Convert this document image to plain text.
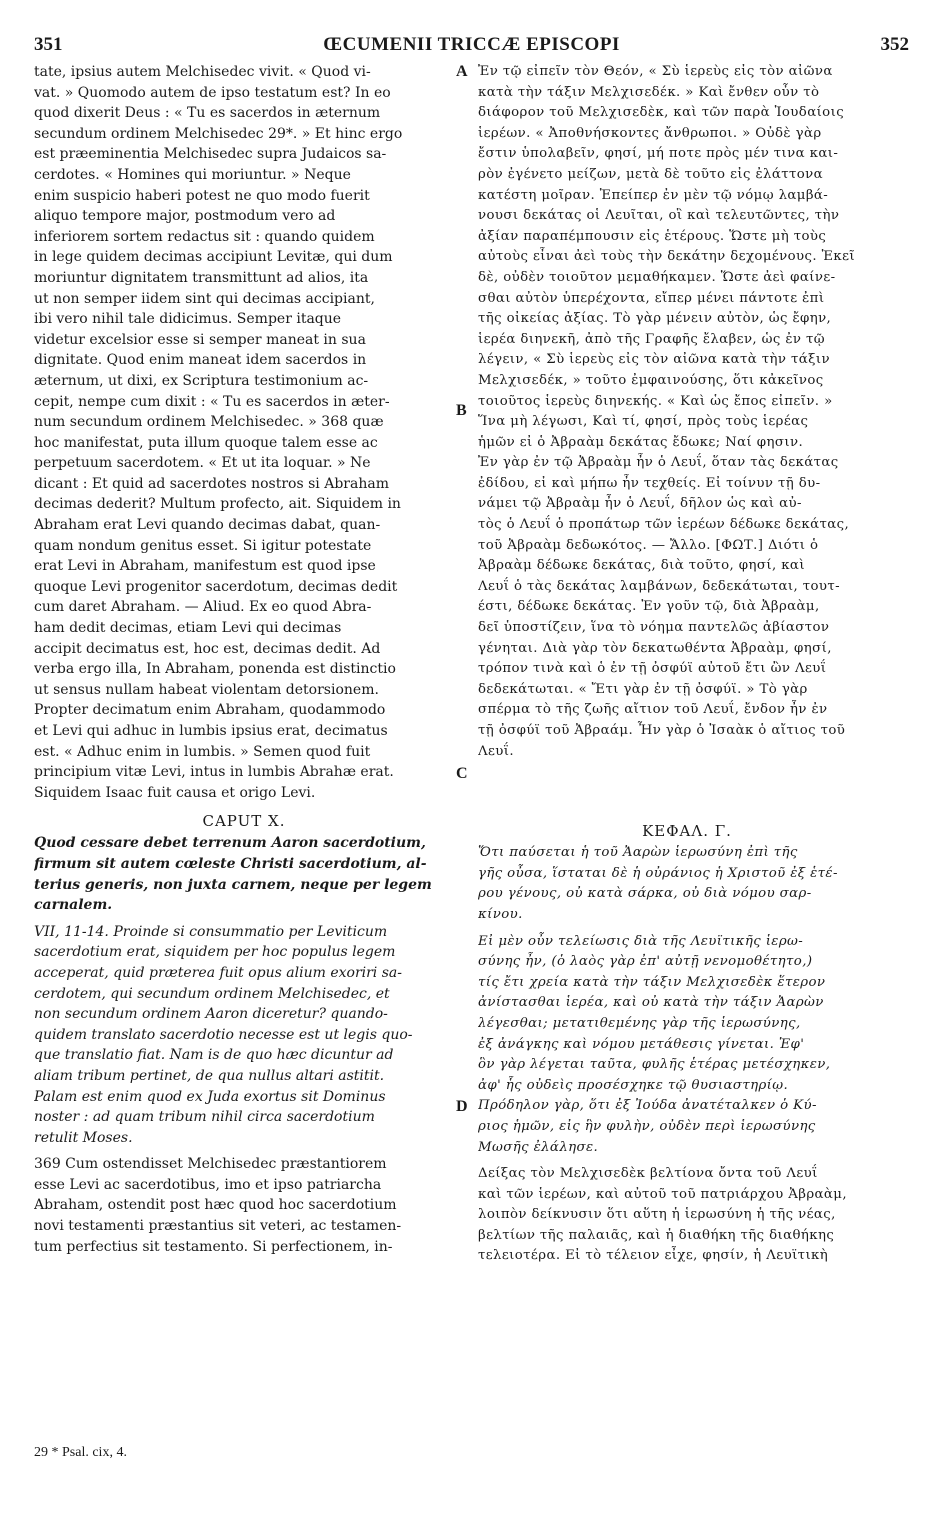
351	ŒCUMENII TRICCÆ EPISCOPI	352
A
B
C
D
tate, ipsius autem Melchisedec vivit. « Quod vi-
vat. » Quomodo autem de ipso testatum est? In eo
quod dixerit Deus : « Tu es sacerdos in æternum
secundum ordinem Melchisedec 29*. » Et hinc ergo
est præeminentia Melchisedec supra Judaicos sa-
cerdotes. « Homines qui moriuntur. » Neque
enim suspicio haberi potest ne quo modo fuerit
aliquo tempore major, postmodum vero ad
inferiorem sortem redactus sit : quando quidem
in lege quidem decimas accipiunt Levitæ, qui dum
moriuntur dignitatem transmittunt ad alios, ita
ut non semper iidem sint qui decimas accipiant,
ibi vero nihil tale didicimus. Semper itaque
videtur excelsior esse si semper maneat in sua
dignitate. Quod enim maneat idem sacerdos in
æternum, ut dixi, ex Scriptura testimonium ac-
cepit, nempe cum dixit : « Tu es sacerdos in æter-
num secundum ordinem Melchisedec. » 368 quæ
hoc manifestat, puta illum quoque talem esse ac
perpetuum sacerdotem. « Et ut ita loquar. » Ne
dicant : Et quid ad sacerdotes nostros si Abraham
decimas dederit? Multum profecto, ait. Siquidem in
Abraham erat Levi quando decimas dabat, quan-
quam nondum genitus esset. Si igitur potestate
erat Levi in Abraham, manifestum est quod ipse
quoque Levi progenitor sacerdotum, decimas dedit
cum daret Abraham. — Aliud. Ex eo quod Abra-
ham dedit decimas, etiam Levi qui decimas
accipit decimatus est, hoc est, decimas dedit. Ad
verba ergo illa, In Abraham, ponenda est distinctio
ut sensus nullam habeat violentam detorsionem.
Propter decimatum enim Abraham, quodammodo
et Levi qui adhuc in lumbis ipsius erat, decimatus
est. « Adhuc enim in lumbis. » Semen quod fuit
principium vitæ Levi, intus in lumbis Abrahæ erat.
Siquidem Isaac fuit causa et origo Levi.
CAPUT X.
Quod cessare debet terrenum Aaron sacerdotium,
firmum sit autem cœleste Christi sacerdotium, al-
terius generis, non juxta carnem, neque per legem
carnalem.
VII, 11-14. Proinde si consummatio per Leviticum
sacerdotium erat, siquidem per hoc populus legem
acceperat, quid præterea fuit opus alium exoriri sa-
cerdotem, qui secundum ordinem Melchisedec, et
non secundum ordinem Aaron diceretur? quando-
quidem translato sacerdotio necesse est ut legis quo-
que translatio fiat. Nam is de quo hæc dicuntur ad
aliam tribum pertinet, de qua nullus altari astitit.
Palam est enim quod ex Juda exortus sit Dominus
noster : ad quam tribum nihil circa sacerdotium
retulit Moses.
369 Cum ostendisset Melchisedec præstantiorem
esse Levi ac sacerdotibus, imo et ipso patriarcha
Abraham, ostendit post hæc quod hoc sacerdotium
novi testamenti præstantius sit veteri, ac testamen-
tum perfectius sit testamento. Si perfectionem, in-
Ἐν τῷ εἰπεῖν τὸν Θεόν, « Σὺ ἱερεὺς εἰς τὸν αἰῶνα
κατὰ τὴν τάξιν Μελχισεδέκ. » Καὶ ἔνθεν οὖν τὸ
διάφορον τοῦ Μελχισεδὲκ, καὶ τῶν παρὰ Ἰουδαίοις
ἱερέων. « Ἀποθνήσκοντες ἄνθρωποι. » Οὐδὲ γὰρ
ἔστιν ὑπολαβεῖν, φησί, μή ποτε πρὸς μέν τινα και-
ρὸν ἐγένετο μείζων, μετὰ δὲ τοῦτο εἰς ἐλάττονα
κατέστη μοῖραν. Ἐπείπερ ἐν μὲν τῷ νόμῳ λαμβά-
νουσι δεκάτας οἱ Λευῖται, οἳ καὶ τελευτῶντες, τὴν
ἀξίαν παραπέμπουσιν εἰς ἑτέρους. Ὥστε μὴ τοὺς
αὐτοὺς εἶναι ἀεὶ τοὺς τὴν δεκάτην δεχομένους. Ἐκεῖ
δὲ, οὐδὲν τοιοῦτον μεμαθήκαμεν. Ὥστε ἀεὶ φαίνε-
σθαι αὐτὸν ὑπερέχοντα, εἴπερ μένει πάντοτε ἐπὶ
τῆς οἰκείας ἀξίας. Τὸ γὰρ μένειν αὐτὸν, ὡς ἔφην,
ἱερέα διηνεκῆ, ἀπὸ τῆς Γραφῆς ἔλαβεν, ὡς ἐν τῷ
λέγειν, « Σὺ ἱερεὺς εἰς τὸν αἰῶνα κατὰ τὴν τάξιν
Μελχισεδέκ, » τοῦτο ἐμφαινούσης, ὅτι κἀκεῖνος
τοιοῦτος ἱερεὺς διηνεκής. « Καὶ ὡς ἔπος εἰπεῖν. »
Ἵνα μὴ λέγωσι, Καὶ τί, φησί, πρὸς τοὺς ἱερέας
ἡμῶν εἰ ὁ Ἀβραὰμ δεκάτας ἔδωκε; Ναί φησιν.
Ἐν γὰρ ἐν τῷ Ἀβραὰμ ἦν ὁ Λευΐ, ὅταν τὰς δεκάτας
ἐδίδου, εἰ καὶ μήπω ἦν τεχθείς. Εἰ τοίνυν τῇ δυ-
νάμει τῷ Ἀβραὰμ ἦν ὁ Λευΐ, δῆλον ὡς καὶ αὐ-
τὸς ὁ Λευΐ ὁ προπάτωρ τῶν ἱερέων δέδωκε δεκάτας,
τοῦ Ἀβραὰμ δεδωκότος. — Ἄλλο. [ΦΩΤ.] Διότι ὁ
Ἀβραὰμ δέδωκε δεκάτας, διὰ τοῦτο, φησί, καὶ
Λευΐ ὁ τὰς δεκάτας λαμβάνων, δεδεκάτωται, τουτ-
έστι, δέδωκε δεκάτας. Ἐν γοῦν τῷ, διὰ Ἀβραὰμ,
δεῖ ὑποστίζειν, ἵνα τὸ νόημα παντελῶς ἀβίαστον
γένηται. Διὰ γὰρ τὸν δεκατωθέντα Ἀβραὰμ, φησί,
τρόπον τινὰ καὶ ὁ ἐν τῇ ὀσφύϊ αὐτοῦ ἔτι ὢν Λευΐ
δεδεκάτωται. « Ἔτι γὰρ ἐν τῇ ὀσφύϊ. » Τὸ γὰρ
σπέρμα τὸ τῆς ζωῆς αἴτιον τοῦ Λευΐ, ἔνδον ἦν ἐν
τῇ ὀσφύϊ τοῦ Ἀβραάμ. Ἦν γὰρ ὁ Ἰσαὰκ ὁ αἴτιος τοῦ
Λευΐ.
ΚΕΦΑΛ. Γ.
Ὅτι παύσεται ἡ τοῦ Ἀαρὼν ἱερωσύνη ἐπὶ τῆς
γῆς οὖσα, ἵσταται δὲ ἡ οὐράνιος ἡ Χριστοῦ ἐξ ἑτέ-
ρου γένους, οὐ κατὰ σάρκα, οὐ διὰ νόμου σαρ-
κίνου.
Εἰ μὲν οὖν τελείωσις διὰ τῆς Λευϊτικῆς ἱερω-
σύνης ἦν, (ὁ λαὸς γὰρ ἐπ' αὐτῇ νενομοθέτητο,)
τίς ἔτι χρεία κατὰ τὴν τάξιν Μελχισεδὲκ ἕτερον
ἀνίστασθαι ἱερέα, καὶ οὐ κατὰ τὴν τάξιν Ἀαρὼν
λέγεσθαι; μετατιθεμένης γὰρ τῆς ἱερωσύνης,
ἐξ ἀνάγκης καὶ νόμου μετάθεσις γίνεται. Ἐφ'
ὃν γὰρ λέγεται ταῦτα, φυλῆς ἑτέρας μετέσχηκεν,
ἀφ' ἧς οὐδεὶς προσέσχηκε τῷ θυσιαστηρίῳ.
Πρόδηλον γὰρ, ὅτι ἐξ Ἰούδα ἀνατέταλκεν ὁ Κύ-
ριος ἡμῶν, εἰς ἣν φυλὴν, οὐδὲν περὶ ἱερωσύνης
Μωσῆς ἐλάλησε.
Δείξας τὸν Μελχισεδὲκ βελτίονα ὄντα τοῦ Λευΐ
καὶ τῶν ἱερέων, καὶ αὐτοῦ τοῦ πατριάρχου Ἀβραὰμ,
λοιπὸν δείκνυσιν ὅτι αὕτη ἡ ἱερωσύνη ἡ τῆς νέας,
βελτίων τῆς παλαιᾶς, καὶ ἡ διαθήκη τῆς διαθήκης
τελειοτέρα. Εἰ τὸ τέλειον εἶχε, φησίν, ἡ Λευϊτικὴ
29 * Psal. cix, 4.
